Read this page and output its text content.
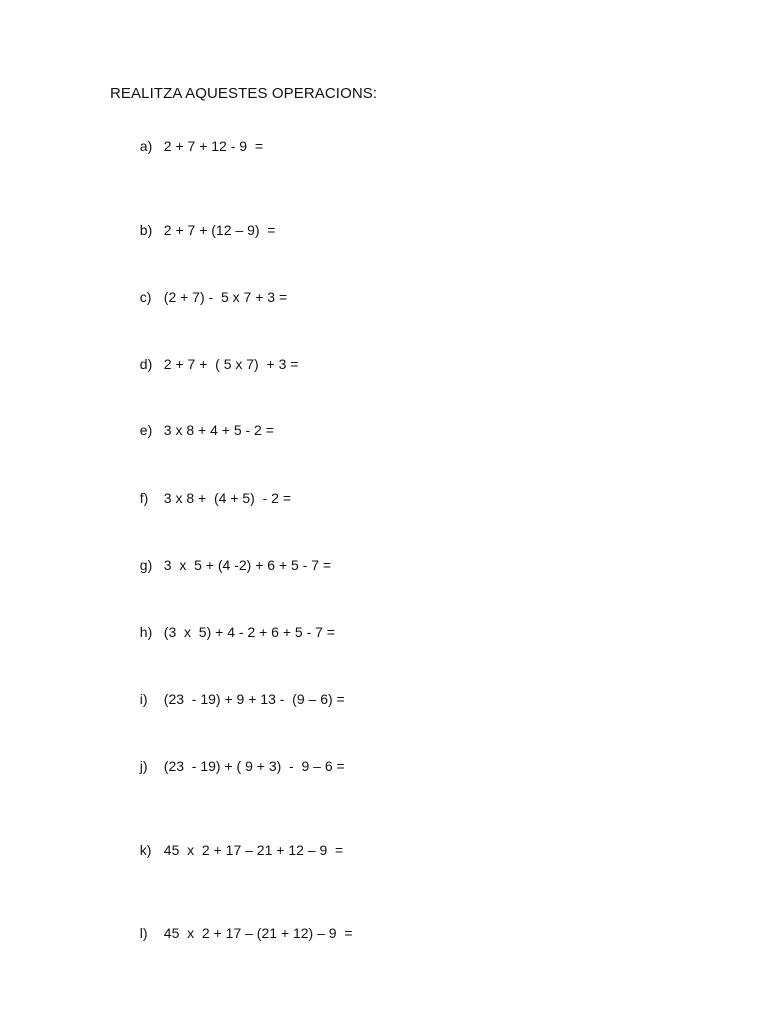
REALITZA AQUESTES OPERACIONS:

a) 2 + 7 + 12 - 9  =

b) 2 + 7 + (12 – 9)  =

c) (2 + 7) -  5 x 7 + 3 =

d) 2 + 7 +  ( 5 x 7)  + 3 =

e) 3 x 8 + 4 + 5 - 2 =

f) 3 x 8 +  (4 + 5)  - 2 =

g) 3  x  5 + (4 -2) + 6 + 5 - 7 =

h) (3  x  5) + 4 - 2 + 6 + 5 - 7 =

i) (23  - 19) + 9 + 13 -  (9 – 6) =

j) (23  - 19) + ( 9 + 3)  -  9 – 6 =

k) 45  x  2 + 17 – 21 + 12 – 9  =

l) 45  x  2 + 17 – (21 + 12) – 9  =
